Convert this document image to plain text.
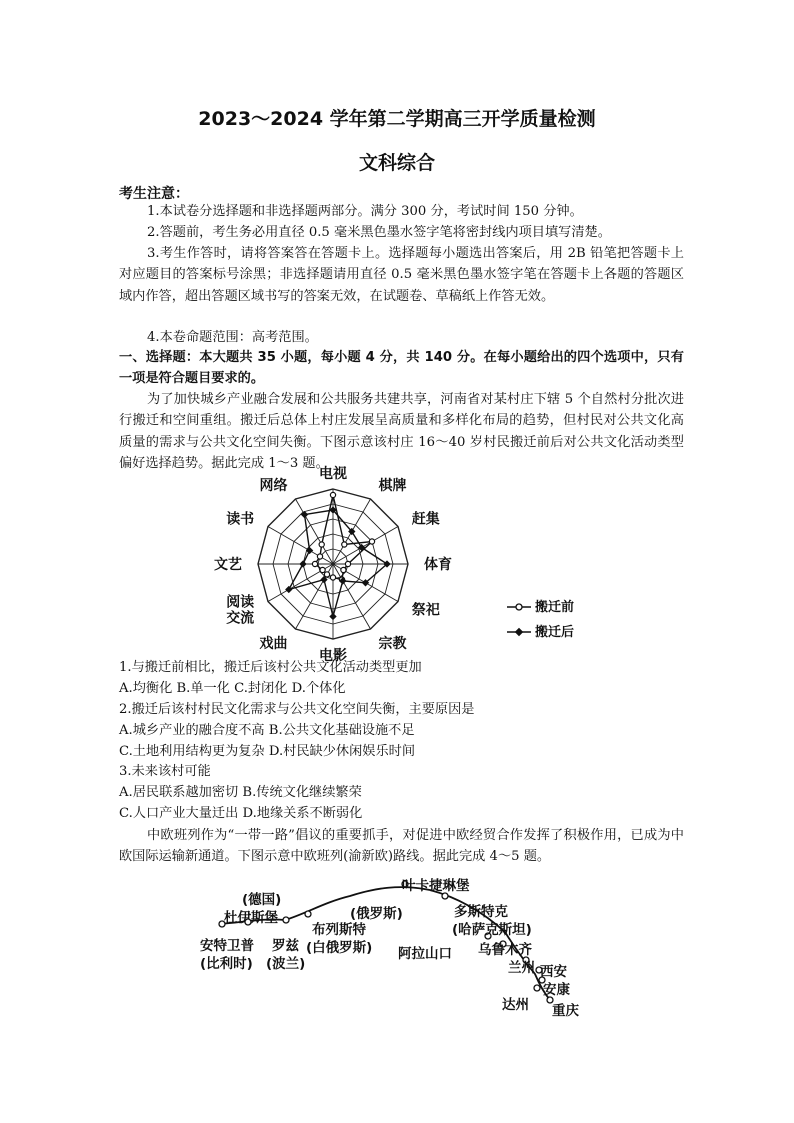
2023～2024 学年第二学期高三开学质量检测
文科综合
考生注意：
1.本试卷分选择题和非选择题两部分。满分 300 分，考试时间 150 分钟。
2.答题前，考生务必用直径 0.5 毫米黑色墨水签字笔将密封线内项目填写清楚。
3.考生作答时，请将答案答在答题卡上。选择题每小题选出答案后，用 2B 铅笔把答题卡上对应题目的答案标号涂黑；非选择题请用直径 0.5 毫米黑色墨水签字笔在答题卡上各题的答题区域内作答，超出答题区域书写的答案无效，在试题卷、草稿纸上作答无效。
4.本卷命题范围：高考范围。
一、选择题：本大题共 35 小题，每小题 4 分，共 140 分。在每小题给出的四个选项中，只有一项是符合题目要求的。
为了加快城乡产业融合发展和公共服务共建共享，河南省对某村庄下辖 5 个自然村分批次进行搬迁和空间重组。搬迁后总体上村庄发展呈高质量和多样化布局的趋势，但村民对公共文化高质量的需求与公共文化空间失衡。下图示意该村庄 16～40 岁村民搬迁前后对公共文化活动类型偏好选择趋势。据此完成 1～3 题。
电视
棋牌
赶集
体育
祭祀
宗教
电影
戏曲
阅读交流
文艺
读书
网络
搬迁前
搬迁后
1.与搬迁前相比，搬迁后该村公共文化活动类型更加
A.均衡化 B.单一化 C.封闭化 D.个体化
2.搬迁后该村村民文化需求与公共文化空间失衡，主要原因是
A.城乡产业的融合度不高 B.公共文化基础设施不足
C.土地利用结构更为复杂 D.村民缺少休闲娱乐时间
3.未来该村可能
A.居民联系越加密切 B.传统文化继续繁荣
C.人口产业大量迁出 D.地缘关系不断弱化
中欧班列作为“一带一路”倡议的重要抓手，对促进中欧经贸合作发挥了积极作用，已成为中欧国际运输新通道。下图示意中欧班列(渝新欧)路线。据此完成 4～5 题。
(德国)
杜伊斯堡
安特卫普
(比利时)
罗兹
(波兰)
布列斯特
(白俄罗斯)
叶卡捷琳堡
(俄罗斯)	多斯特克
(哈萨克斯坦)
阿拉山口 乌鲁木齐
兰州 西安
安康
达州 重庆
